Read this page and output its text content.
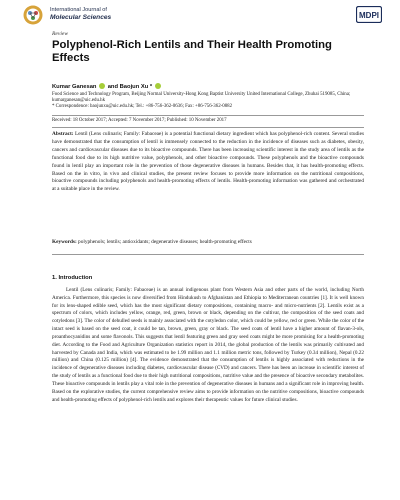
International Journal of
Molecular Sciences	MDPI
Review
Polyphenol-Rich Lentils and Their Health Promoting Effects
Kumar Ganesan  and Baojun Xu *
Food Science and Technology Program, Beijing Normal University-Hong Kong Baptist University United International College, Zhuhai 519085, China; kumarganesan@uic.edu.hk
* Correspondence: baojunxu@uic.edu.hk; Tel.: +86-756-362-0636; Fax: +86-756-362-0882
Received: 18 October 2017; Accepted: 7 November 2017; Published: 10 November 2017

Abstract: Lentil (Lens culinaris; Family: Fabaceae) is a potential functional dietary ingredient which has polyphenol-rich content. Several studies have demonstrated that the consumption of lentil is immensely connected to the reduction in the incidence of diseases such as diabetes, obesity, cancers and cardiovascular diseases due to its bioactive compounds. There has been increasing scientific interest in the study area of lentils as the functional food due to its high nutritive value, polyphenols, and other bioactive compounds. These polyphenols and the bioactive compounds found in lentil play an important role in the prevention of those degenerative diseases in humans. Besides that, it has health-promoting effects. Based on the in vitro, in vivo and clinical studies, the present review focuses to provide more information on the nutritional compositions, bioactive compounds including polyphenols and health-promoting effects of lentils. Health-promoting information was gathered and orchestrated at a suitable place in the review.

Keywords: polyphenols; lentils; antioxidants; degenerative diseases; health-promoting effects
1. Introduction

Lentil (Lens culinaris; Family: Fabaceae) is an annual indigenous plant from Western Asia and other parts of the world, including North America. Furthermore, this species is now diversified from Hindukush to Afghanistan and Ethiopia to Mediterranean countries [1]. It is well known for its lens-shaped edible seed, which has the most significant dietary compositions, containing macro- and micro-nutrients [2]. Lentils exist as a spectrum of colors, which includes yellow, orange, red, green, brown or black, depending on the cultivar, the composition of the seed coats and cotyledons [3]. The color of dehulled seeds is mainly associated with the cotyledon color, which could be yellow, red or green. While the color of the intact seed is based on the seed coat, it could be tan, brown, green, gray or black. The seed coats of lentil have a higher amount of flavan-3-ols, proanthocyanidins and some flavonols. This suggests that lentil featuring green and gray seed coats might be more promising for a health-promoting diet. According to the Food and Agriculture Organization statistics report in 2014, the global production of the lentils was primarily cultivated and harvested by Canada and India, which was estimated to be 1.99 million and 1.1 million metric tons, followed by Turkey (0.34 million), Nepal (0.22 million) and China (0.125 million) [4]. The evidence demonstrated that the consumption of lentils is highly associated with reductions in the incidence of degenerative diseases including diabetes, cardiovascular disease (CVD) and cancers. There has been an increase in scientific interest of the study of lentils as a functional food due to their high nutritional compositions, nutritive value and the presence of bioactive secondary metabolites. These bioactive compounds in lentils play a vital role in the prevention of degenerative diseases in humans and a significant role in improving health. Based on the explorative studies, the current comprehensive review aims to provide information on the nutritive compositions, bioactive compounds and health-promoting effects of polyphenol-rich lentils and explores their therapeutic values for future clinical studies.
